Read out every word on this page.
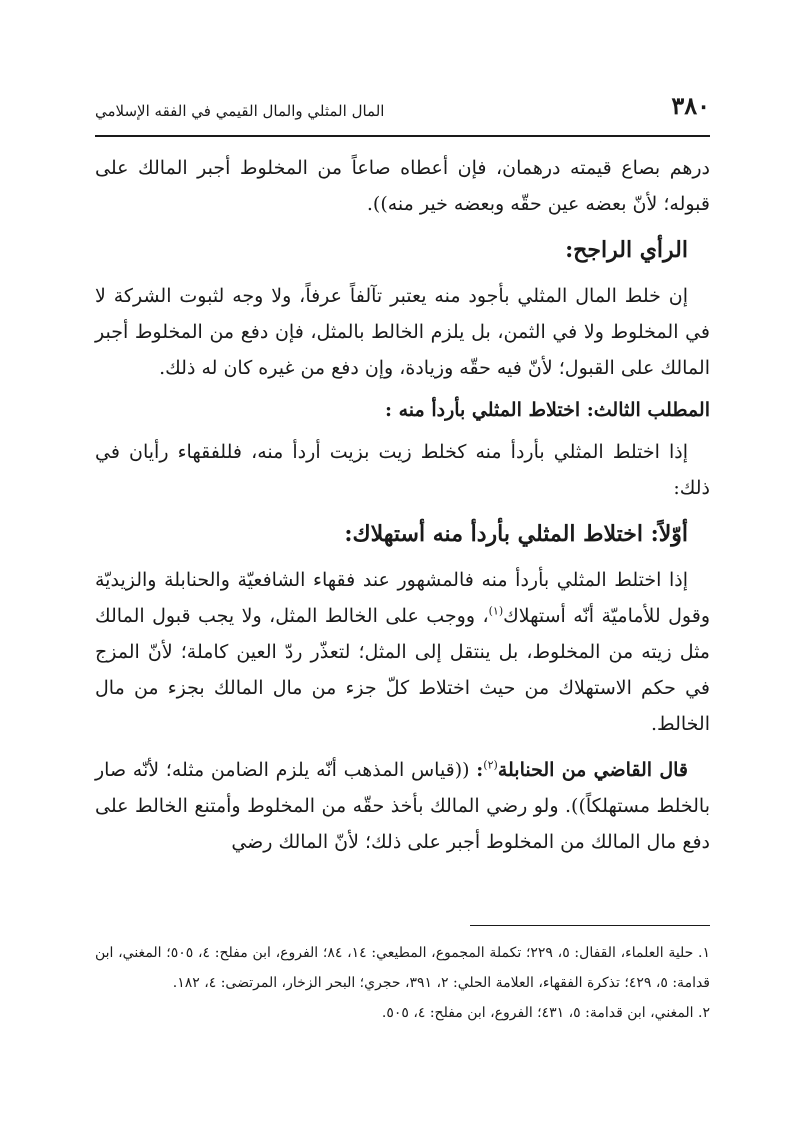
٣٨٠
المال المثلي والمال القيمي في الفقه الإسلامي

درهم بصاع قيمته درهمان، فإن أعطاه صاعاً من المخلوط أجبر المالك على قبوله؛ لأنّ بعضه عين حقّه وبعضه خير منه)).

الرأي الراجح:

إن خلط المال المثلي بأجود منه يعتبر تآلفاً عرفاً، ولا وجه لثبوت الشركة لا في المخلوط ولا في الثمن، بل يلزم الخالط بالمثل، فإن دفع من المخلوط أجبر المالك على القبول؛ لأنّ فيه حقّه وزيادة، وإن دفع من غيره كان له ذلك.

المطلب الثالث: اختلاط المثلي بأردأ منه :

إذا اختلط المثلي بأردأ منه كخلط زيت بزيت أردأ منه، فللفقهاء رأيان في ذلك:

أوّلاً: اختلاط المثلي بأردأ منه أستهلاك:

إذا اختلط المثلي بأردأ منه فالمشهور عند فقهاء الشافعيّة والحنابلة والزيديّة وقول للأماميّة أنّه أستهلاك$^{(١)}$، ووجب على الخالط المثل، ولا يجب قبول المالك مثل زيته من المخلوط، بل ينتقل إلى المثل؛ لتعذّر ردّ العين كاملة؛ لأنّ المزج في حكم الاستهلاك من حيث اختلاط كلّ جزء من مال المالك بجزء من مال الخالط.

قال القاضي من الحنابلة$^{(٢)}$: ((قياس المذهب أنّه يلزم الضامن مثله؛ لأنّه صار بالخلط مستهلكاً)). ولو رضي المالك بأخذ حقّه من المخلوط وأمتنع الخالط على دفع مال المالك من المخلوط أجبر على ذلك؛ لأنّ المالك رضي

١. حلية العلماء، القفال: ٥، ٢٢٩؛ تكملة المجموع، المطيعي: ١٤، ٨٤؛ الفروع، ابن مفلح: ٤، ٥٠٥؛ المغني، ابن قدامة: ٥، ٤٢٩؛ تذكرة الفقهاء، العلامة الحلي: ٢، ٣٩١، حجري؛ البحر الزخار، المرتضى: ٤، ١٨٢.

٢. المغني، ابن قدامة: ٥، ٤٣١؛ الفروع، ابن مفلح: ٤، ٥٠٥.
